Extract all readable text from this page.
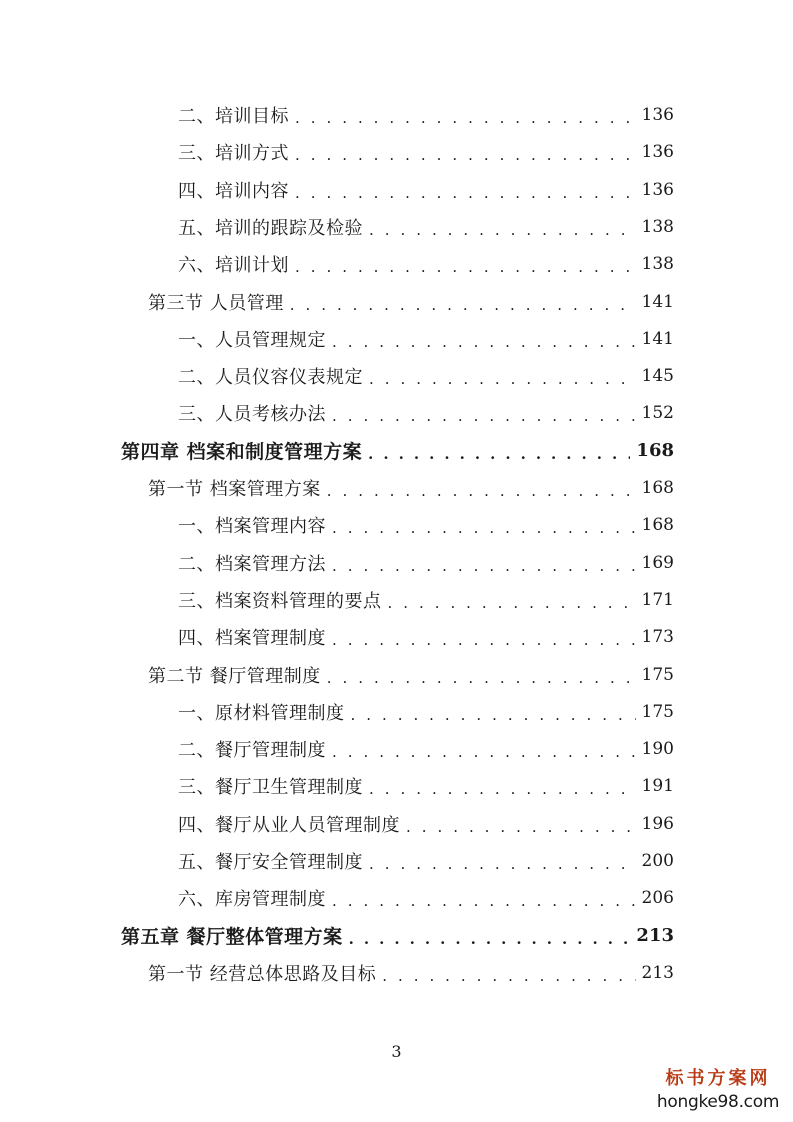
二、培训目标 . . .	136
三、培训方式 . . .	136
四、培训内容 . . .	136
五、培训的跟踪及检验 . . .	138
六、培训计划 . . .	138
第三节 人员管理 . . .	141
一、人员管理规定 . . .	141
二、人员仪容仪表规定 . . .	145
三、人员考核办法 . . .	152
第四章 档案和制度管理方案 . . .	168
第一节 档案管理方案 . . .	168
一、档案管理内容 . . .	168
二、档案管理方法 . . .	169
三、档案资料管理的要点 . . .	171
四、档案管理制度 . . .	173
第二节 餐厅管理制度 . . .	175
一、原材料管理制度 . . .	175
二、餐厅管理制度 . . .	190
三、餐厅卫生管理制度 . . .	191
四、餐厅从业人员管理制度 . . .	196
五、餐厅安全管理制度 . . .	200
六、库房管理制度 . . .	206
第五章 餐厅整体管理方案 . . .	213
第一节 经营总体思路及目标 . . .	213
3
标书方案网
hongke98.com
